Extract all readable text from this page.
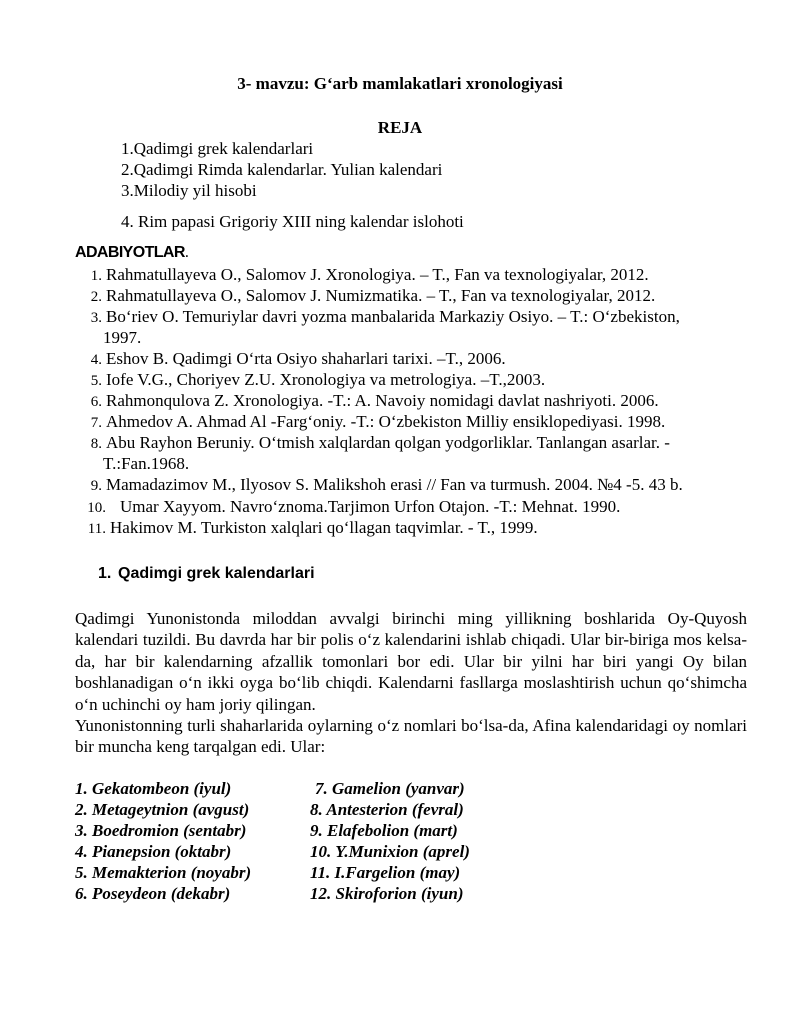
3- mavzu: G‘arb mamlakatlari xronologiyasi
REJA
1.Qadimgi grek kalendarlari
2.Qadimgi Rimda kalendarlar. Yulian kalendari
3.Milodiy yil hisobi
4. Rim papasi Grigoriy XIII ning kalendar islohoti
ADABIYOTLAR.
1. Rahmatullayeva O., Salomov J. Xronologiya. – T., Fan va texnologiyalar, 2012.
2. Rahmatullayeva O., Salomov J. Numizmatika. – T., Fan va texnologiyalar, 2012.
3. Bo‘riev O. Temuriylar davri yozma manbalarida Markaziy Osiyo. – T.: O‘zbekiston,
1997.
4. Eshov B. Qadimgi O‘rta Osiyo shaharlari tarixi. –T., 2006.
5. Iofe V.G., Choriyev Z.U. Xronologiya va metrologiya. –T.,2003.
6. Rahmonqulova Z. Xronologiya. -T.: A. Navoiy nomidagi davlat nashriyoti. 2006.
7. Ahmedov A. Ahmad Al -Farg‘oniy. -T.: O‘zbekiston Milliy ensiklopediyasi. 1998.
8. Abu Rayhon Beruniy. O‘tmish xalqlardan qolgan yodgorliklar. Tanlangan asarlar. -
T.:Fan.1968.
9. Mamadazimov M., Ilyosov S. Malikshoh erasi // Fan va turmush. 2004. №4 -5. 43 b.
10. Umar Xayyom. Navro‘znoma.Tarjimon Urfon Otajon. -T.: Mehnat. 1990.
11. Hakimov M. Turkiston xalqlari qo‘llagan taqvimlar. - T., 1999.
1. Qadimgi grek kalendarlari

Qadimgi Yunonistonda miloddan avvalgi birinchi ming yillikning boshlarida Oy-Quyosh kalendari tuzildi. Bu davrda har bir polis o‘z kalendarini ishlab chiqadi. Ular bir-biriga mos kelsa-da, har bir kalendarning afzallik tomonlari bor edi. Ular bir yilni har biri yangi Oy bilan boshlanadigan o‘n ikki oyga bo‘lib chiqdi. Kalendarni fasllarga moslashtirish uchun qo‘shimcha o‘n uchinchi oy ham joriy qilingan.

Yunonistonning turli shaharlarida oylarning o‘z nomlari bo‘lsa-da, Afina kalendaridagi oy nomlari bir muncha keng tarqalgan edi. Ular:

1. Gekatombeon (iyul)
2. Metageytnion (avgust)
3. Boedromion (sentabr)
4. Pianepsion (oktabr)
5. Memakterion (noyabr)
6. Poseydeon (dekabr)
7. Gamelion (yanvar)
8. Antesterion (fevral)
9. Elafebolion (mart)
10. Y.Munixion (aprel)
11. I.Fargelion (may)
12. Skiroforion (iyun)
